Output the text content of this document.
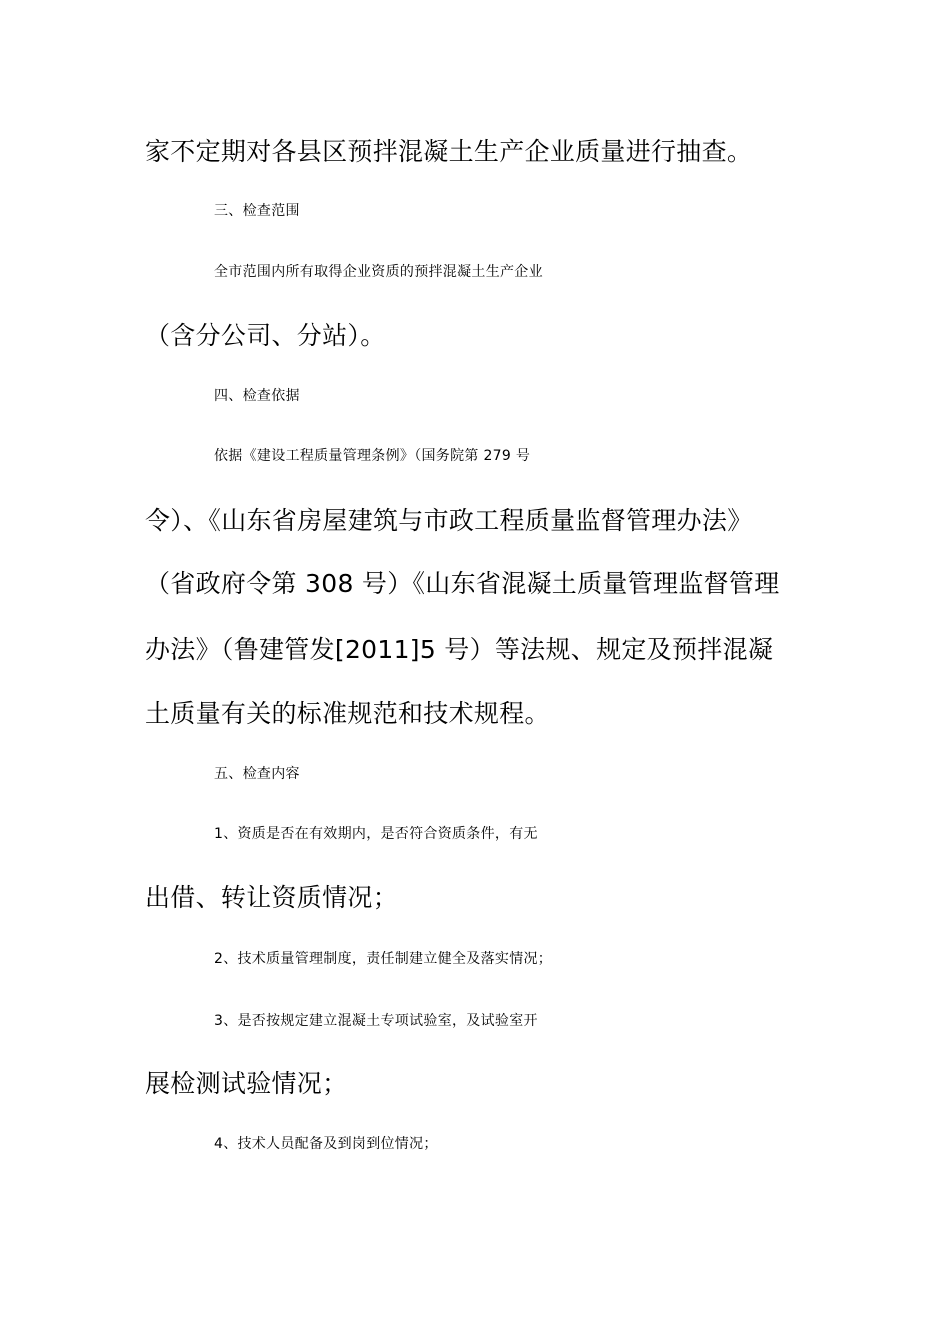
家不定期对各县区预拌混凝土生产企业质量进行抽查。
三、检查范围
全市范围内所有取得企业资质的预拌混凝土生产企业
（含分公司、分站）。
四、检查依据
依据《建设工程质量管理条例》（国务院第 279 号
令）、《山东省房屋建筑与市政工程质量监督管理办法》
（省政府令第 308 号）《山东省混凝土质量管理监督管理
办法》（鲁建管发[2011]5 号）等法规、规定及预拌混凝
土质量有关的标准规范和技术规程。
五、检查内容
1、资质是否在有效期内，是否符合资质条件，有无
出借、转让资质情况；
2、技术质量管理制度，责任制建立健全及落实情况；
3、是否按规定建立混凝土专项试验室，及试验室开
展检测试验情况；
4、技术人员配备及到岗到位情况；
